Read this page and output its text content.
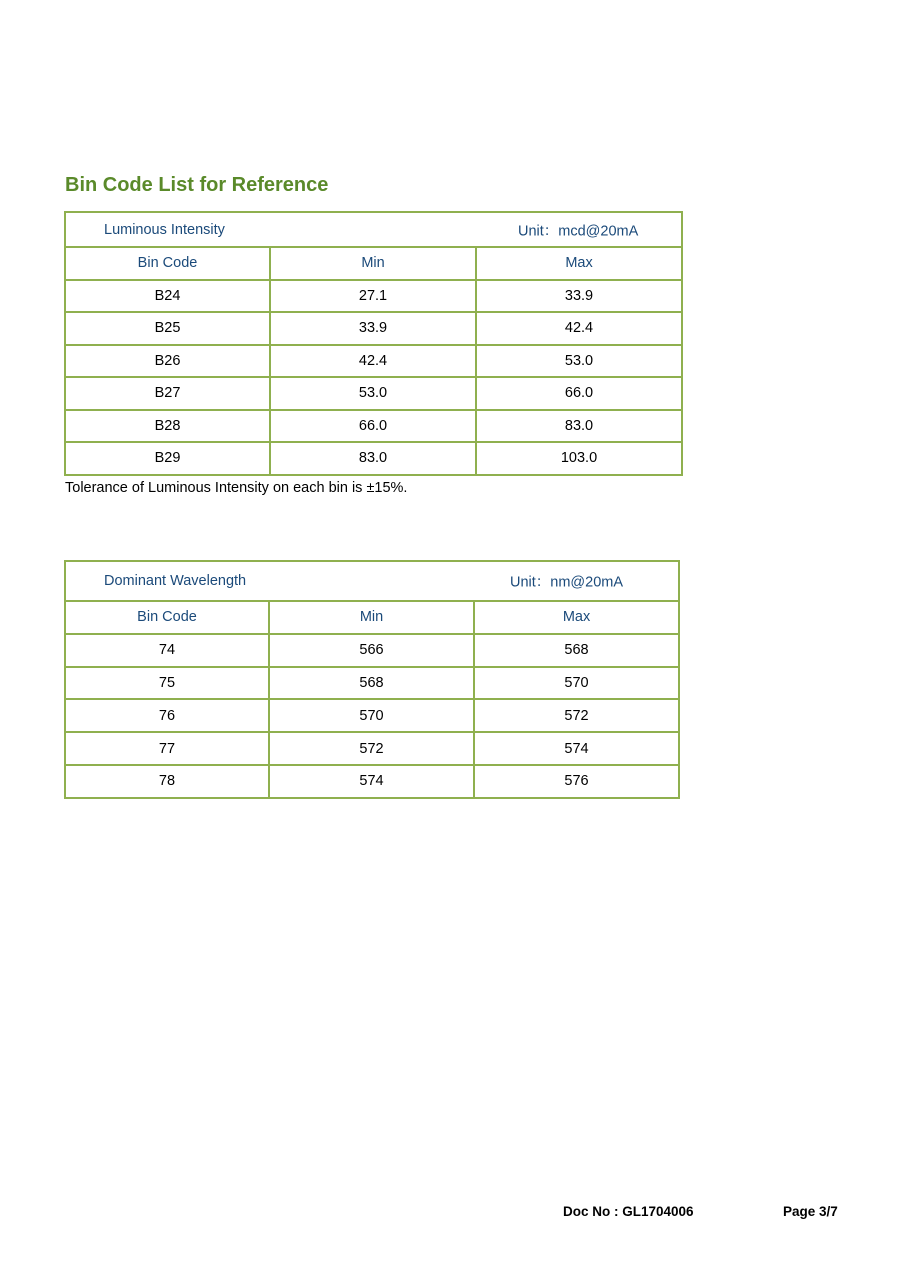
Bin Code List for Reference
Luminous Intensity Unit：mcd@20mA		

Bin Code	Min	Max
B24	27.1	33.9
B25	33.9	42.4
B26	42.4	53.0
B27	53.0	66.0
B28	66.0	83.0
B29	83.0	103.0

Tolerance of Luminous Intensity on each bin is ±15%.

Dominant Wavelength Unit：nm@20mA		

Bin Code	Min	Max
74	566	568
75	568	570
76	570	572
77	572	574
78	574	576
Doc No : GL1704006	Page 3/7
